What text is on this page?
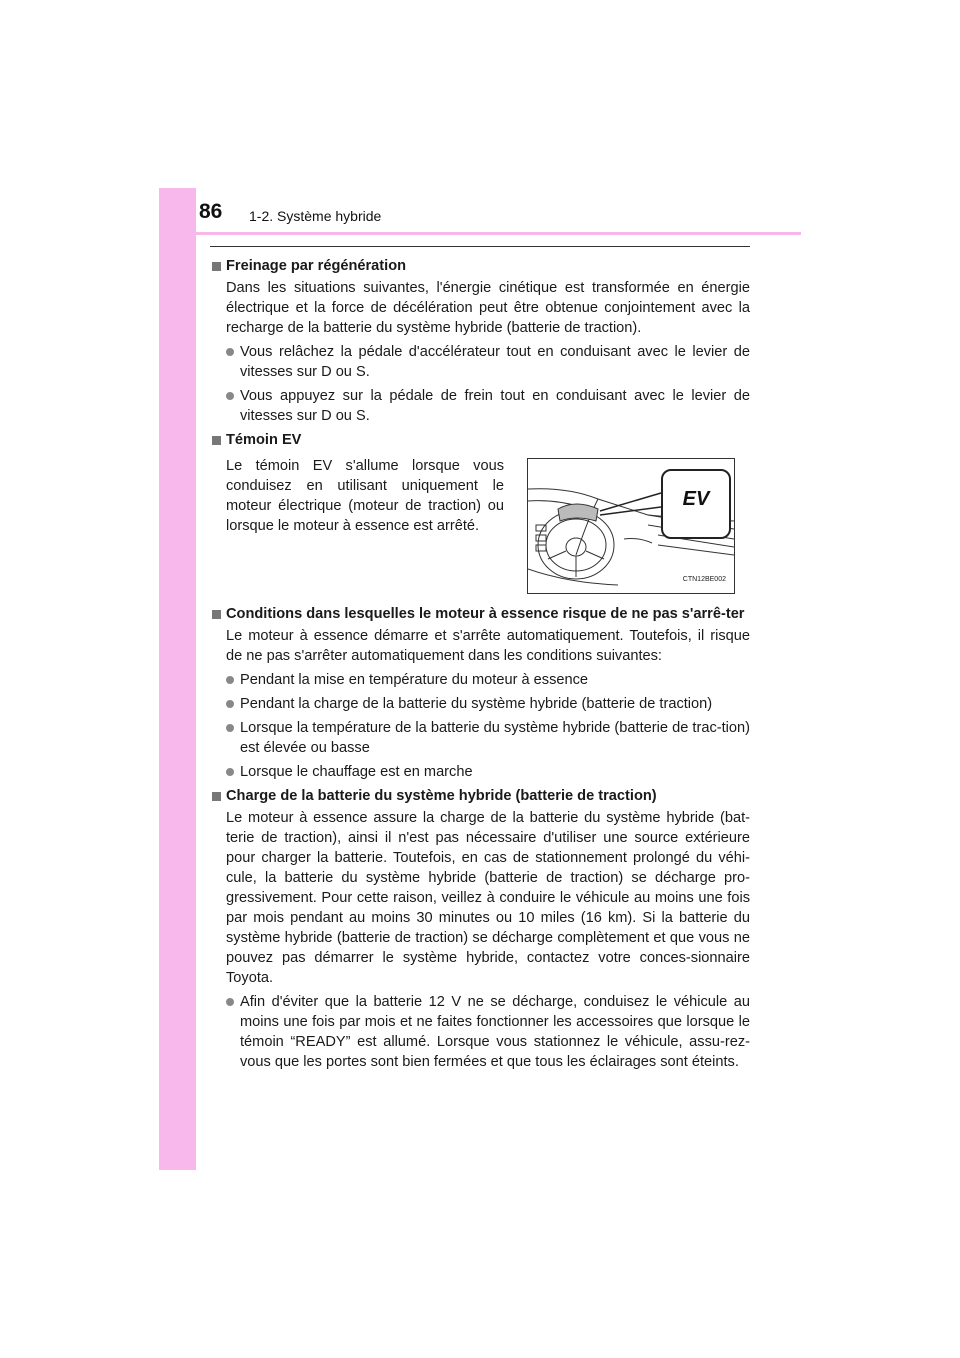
86 1-2. Système hybride
Freinage par régénération
Dans les situations suivantes, l'énergie cinétique est transformée en énergie électrique et la force de décélération peut être obtenue conjointement avec la recharge de la batterie du système hybride (batterie de traction).
Vous relâchez la pédale d'accélérateur tout en conduisant avec le levier de vitesses sur D ou S.
Vous appuyez sur la pédale de frein tout en conduisant avec le levier de vitesses sur D ou S.
Témoin EV
Le témoin EV s'allume lorsque vous conduisez en utilisant uniquement le moteur électrique (moteur de traction) ou lorsque le moteur à essence est arrêté.
EV
CTN12BE002
Conditions dans lesquelles le moteur à essence risque de ne pas s'arrê-ter
Le moteur à essence démarre et s'arrête automatiquement. Toutefois, il risque de ne pas s'arrêter automatiquement dans les conditions suivantes:
Pendant la mise en température du moteur à essence
Pendant la charge de la batterie du système hybride (batterie de traction)
Lorsque la température de la batterie du système hybride (batterie de trac-tion) est élevée ou basse
Lorsque le chauffage est en marche
Charge de la batterie du système hybride (batterie de traction)
Le moteur à essence assure la charge de la batterie du système hybride (bat-terie de traction), ainsi il n'est pas nécessaire d'utiliser une source extérieure pour charger la batterie. Toutefois, en cas de stationnement prolongé du véhi-cule, la batterie du système hybride (batterie de traction) se décharge pro-gressivement. Pour cette raison, veillez à conduire le véhicule au moins une fois par mois pendant au moins 30 minutes ou 10 miles (16 km). Si la batterie du système hybride (batterie de traction) se décharge complètement et que vous ne pouvez pas démarrer le système hybride, contactez votre conces-sionnaire Toyota.
Afin d'éviter que la batterie 12 V ne se décharge, conduisez le véhicule au moins une fois par mois et ne faites fonctionner les accessoires que lorsque le témoin “READY” est allumé. Lorsque vous stationnez le véhicule, assu-rez-vous que les portes sont bien fermées et que tous les éclairages sont éteints.
